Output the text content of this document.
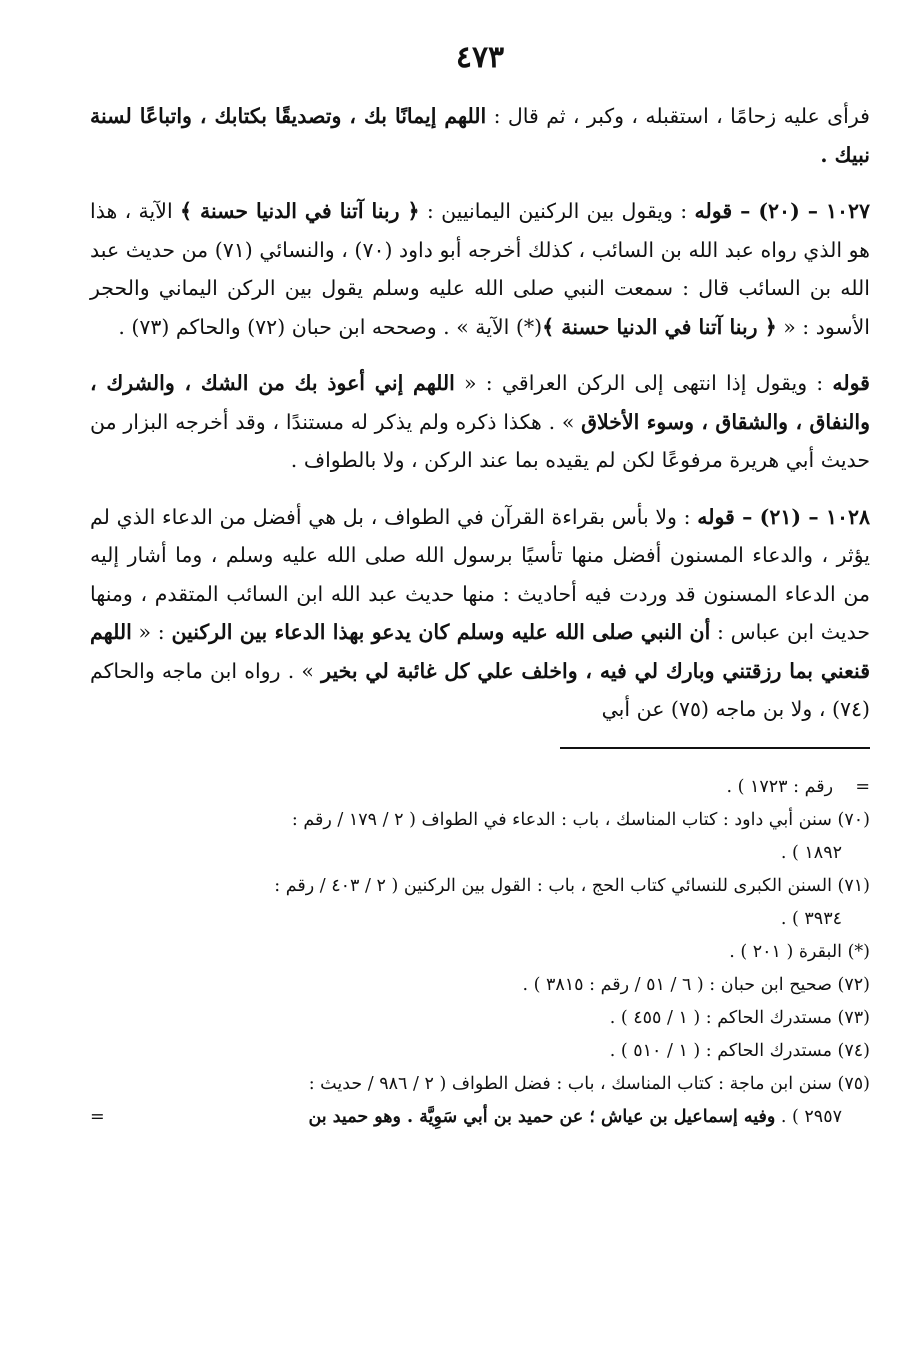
٤٧٣

فرأى عليه زحامًا ، استقبله ، وكبر ، ثم قال : اللهم إيمانًا بك ، وتصديقًا بكتابك ، واتباعًا لسنة نبيك .

١٠٢٧ – (٢٠) – قوله : ويقول بين الركنين اليمانيين : ﴿ ربنا آتنا في الدنيا حسنة ﴾ الآية ، هذا هو الذي رواه عبد الله بن السائب ، كذلك أخرجه أبو داود (٧٠) ، والنسائي (٧١) من حديث عبد الله بن السائب قال : سمعت النبي صلى الله عليه وسلم يقول بين الركن اليماني والحجر الأسود : « ﴿ ربنا آتنا في الدنيا حسنة ﴾(*) الآية » . وصححه ابن حبان (٧٢) والحاكم (٧٣) .

قوله : ويقول إذا انتهى إلى الركن العراقي : « اللهم إني أعوذ بك من الشك ، والشرك ، والنفاق ، والشقاق ، وسوء الأخلاق » . هكذا ذكره ولم يذكر له مستندًا ، وقد أخرجه البزار من حديث أبي هريرة مرفوعًا لكن لم يقيده بما عند الركن ، ولا بالطواف .

١٠٢٨ – (٢١) – قوله : ولا بأس بقراءة القرآن في الطواف ، بل هي أفضل من الدعاء الذي لم يؤثر ، والدعاء المسنون أفضل منها تأسيًا برسول الله صلى الله عليه وسلم ، وما أشار إليه من الدعاء المسنون قد وردت فيه أحاديث : منها حديث عبد الله ابن السائب المتقدم ، ومنها حديث ابن عباس : أن النبي صلى الله عليه وسلم كان يدعو بهذا الدعاء بين الركنين : « اللهم قنعني بما رزقتني وبارك لي فيه ، واخلف علي كل غائبة لي بخير » . رواه ابن ماجه والحاكم (٧٤) ، ولا بن ماجه (٧٥) عن أبي

=    رقم : ١٧٢٣ ) .

(٧٠) سنن أبي داود : كتاب المناسك ، باب : الدعاء في الطواف ( ٢ / ١٧٩ / رقم :
١٨٩٢ ) .

(٧١) السنن الكبرى للنسائي كتاب الحج ، باب : القول بين الركنين ( ٢ / ٤٠٣ / رقم :
٣٩٣٤ ) .

(*) البقرة ( ٢٠١ ) .

(٧٢) صحيح ابن حبان : ( ٦ / ٥١ / رقم : ٣٨١٥ ) .

(٧٣) مستدرك الحاكم : ( ١ / ٤٥٥ ) .

(٧٤) مستدرك الحاكم : ( ١ / ٥١٠ ) .

(٧٥) سنن ابن ماجة : كتاب المناسك ، باب : فضل الطواف ( ٢ / ٩٨٦ / حديث :
٢٩٥٧ ) . وفيه إسماعيل بن عياش ؛ عن حميد بن أبي سَوِيَّة . وهو حميد بن
=
